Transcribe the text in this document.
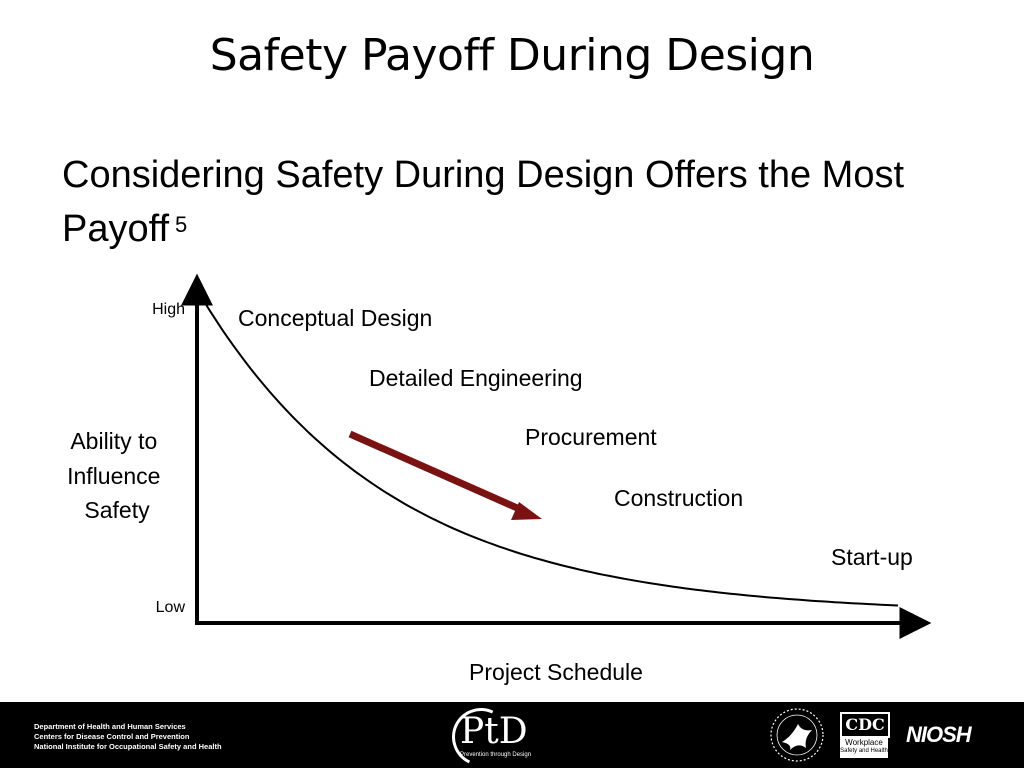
Safety Payoff During Design
Considering Safety During Design Offers the Most Payoff $^5$
High
Low
Ability to Influence Safety
Project Schedule
Conceptual Design
Detailed Engineering
Procurement
Construction
Start-up
Department of Health and Human Services
Centers for Disease Control and Prevention
National Institute for Occupational Safety and Health	PtD
Prevention through Design
CDC
Workplace
Safety and Health
NIOSH
